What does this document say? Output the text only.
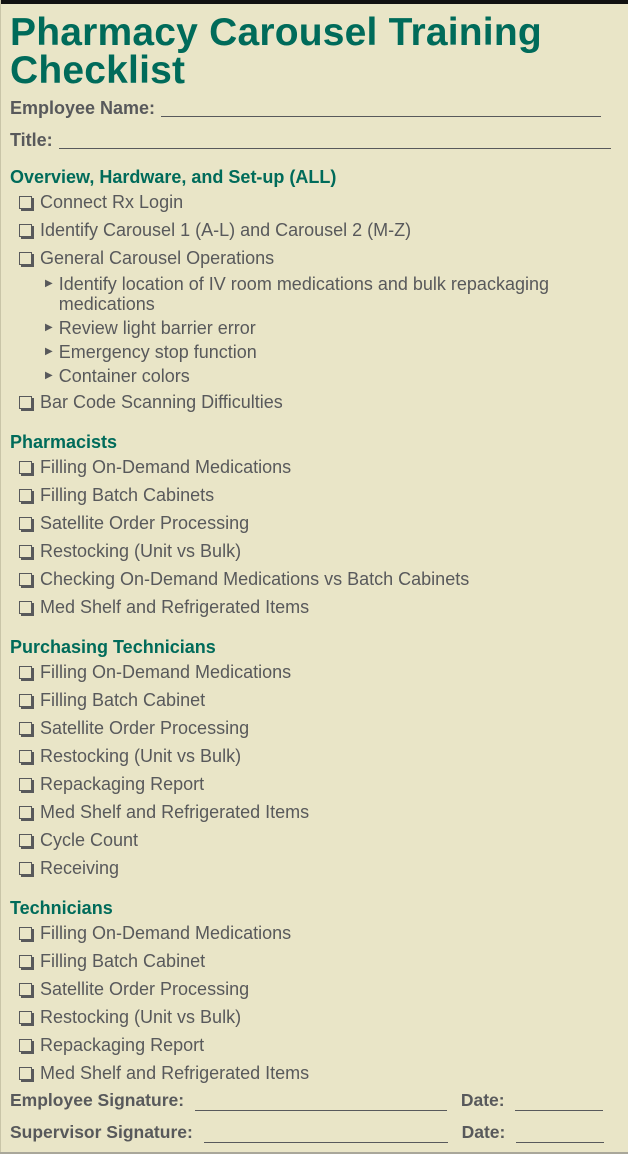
Pharmacy Carousel Training Checklist
Employee Name:
Title:
Overview, Hardware, and Set-up (ALL)
Connect Rx Login
Identify Carousel 1 (A-L) and Carousel 2 (M-Z)
General Carousel Operations
▶ Identify location of IV room medications and bulk repackaging medications
▶ Review light barrier error
▶ Emergency stop function
▶ Container colors
Bar Code Scanning Difficulties
Pharmacists
Filling On-Demand Medications
Filling Batch Cabinets
Satellite Order Processing
Restocking (Unit vs Bulk)
Checking On-Demand Medications vs Batch Cabinets
Med Shelf and Refrigerated Items
Purchasing Technicians
Filling On-Demand Medications
Filling Batch Cabinet
Satellite Order Processing
Restocking (Unit vs Bulk)
Repackaging Report
Med Shelf and Refrigerated Items
Cycle Count
Receiving
Technicians
Filling On-Demand Medications
Filling Batch Cabinet
Satellite Order Processing
Restocking (Unit vs Bulk)
Repackaging Report
Med Shelf and Refrigerated Items
Employee Signature:	Date:
Supervisor Signature:	Date:
